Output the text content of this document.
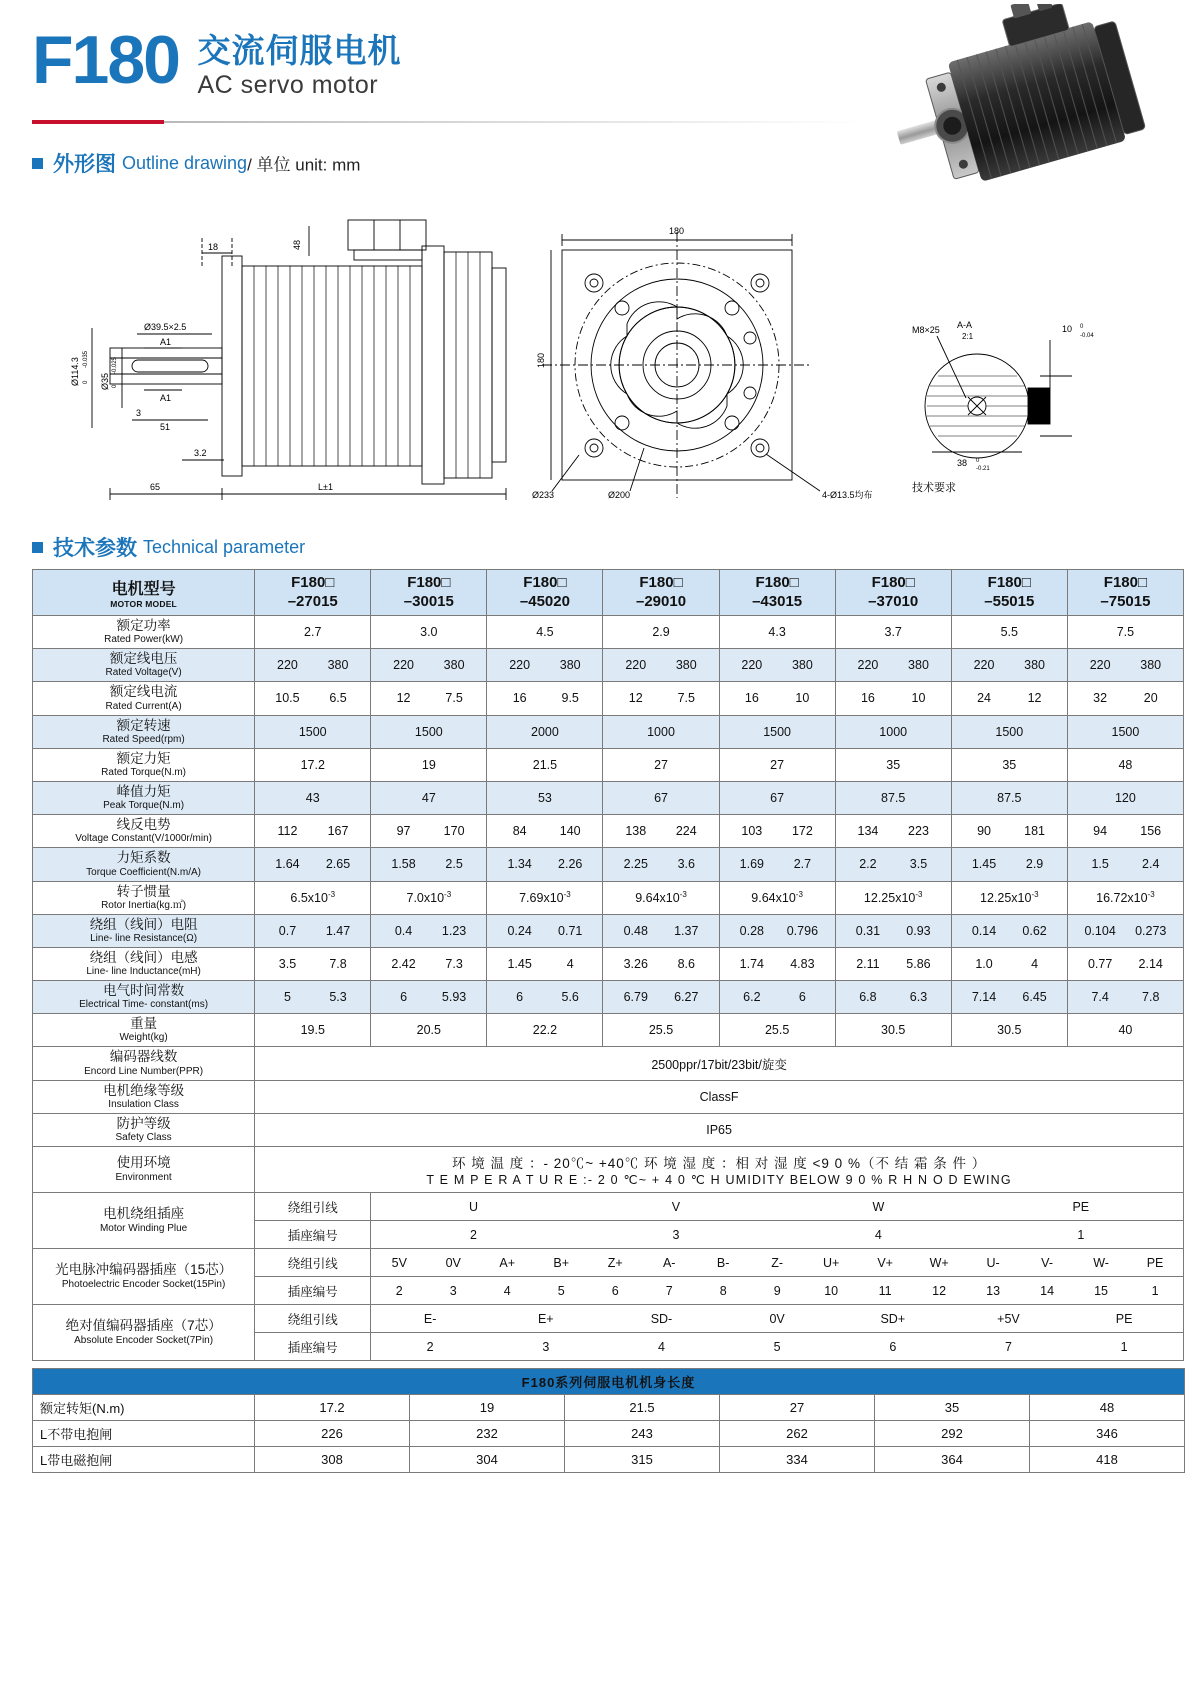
F180 交流伺服电机
AC servo motor
外形图 Outline drawing/ 单位 unit: mm
18	48
Ø39.5×2.5
A1
A1
Ø114.3 -0.035
0 Ø35
-0.025
0
3
51
3.2
65	L±1
180
180
Ø233	Ø200	4-Ø13.5均布
A-A
2:1
M8×25	10 0
-0.04
38 0
-0.21
技术要求
技术参数 Technical parameter
电机型号
MOTOR MODEL

F180□
–27015

F180□
–30015

F180□
–45020

F180□
–29010

F180□
–43015

F180□
–37010

F180□
–55015

F180□
–75015

额定功率
Rated Power(kW)	2.7	3.0	4.5	2.9	4.3	3.7	5.5	7.5

额定线电压
Rated Voltage(V)	220 380	220 380	220 380	220 380	220 380	220 380	220 380	220 380

额定线电流
Rated Current(A)	10.5 6.5	12 7.5	16 9.5	12 7.5	16 10	16 10	24 12	32 20

额定转速
Rated Speed(rpm)	1500	1500	2000	1000	1500	1000	1500	1500

额定力矩
Rated Torque(N.m)	17.2	19	21.5	27	27	35	35	48

峰值力矩
Peak Torque(N.m)	43	47	53	67	67	87.5	87.5	120

线反电势
Voltage Constant(V/1000r/min)	112 167	97 170	84 140	138 224	103 172	134 223	90 181	94 156

力矩系数
Torque Coefficient(N.m/A)	1.64 2.65	1.58 2.5	1.34 2.26	2.25 3.6	1.69 2.7	2.2 3.5	1.45 2.9	1.5 2.4

转子惯量
Rotor Inertia(kg.㎡)	$6.5x10^{-3}$	$7.0x10^{-3}$	$7.69x10^{-3}$	$9.64x10^{-3}$	$9.64x10^{-3}$	$12.25x10^{-3}$	$12.25x10^{-3}$	$16.72x10^{-3}$

绕组（线间）电阻
Line- line Resistance(Ω)	0.7 1.47	0.4 1.23	0.24 0.71	0.48 1.37	0.28 0.796	0.31 0.93	0.14 0.62	0.104 0.273

绕组（线间）电感
Line- line Inductance(mH)	3.5 7.8	2.42 7.3	1.45 4	3.26 8.6	1.74 4.83	2.11 5.86	1.0 4	0.77 2.14

电气时间常数
Electrical Time- constant(ms)	5 5.3	6 5.93	6 5.6	6.79 6.27	6.2 6	6.8 6.3	7.14 6.45	7.4 7.8

重量
Weight(kg)	19.5	20.5	22.2	25.5	25.5	30.5	30.5	40

编码器线数
Encord Line Number(PPR)	2500ppr/17bit/23bit/旋变							

电机绝缘等级
Insulation Class	ClassF							

防护等级
Safety Class	IP65							

使用环境
Environment

环 境 温 度 ：- 20℃~ +40℃ 环 境 湿 度 ：相 对 湿 度 <9 0 %（不 结 霜 条 件 ）
T E M P E R A T U R E :- 2 0 ℃~ + 4 0 ℃ H UMIDITY BELOW 9 0 % R H N O D EWING

电机绕组插座
Motor Winding Plue	绕组引线	U V W PE						

	插座编号	2 3 4 1						

光电脉冲编码器插座（15芯）
Photoelectric Encoder Socket(15Pin)
	绕组引线	5V	0V	A+	B+	Z+	A-	B-	Z-	U+	V+	W+	U-	V-	W-	PE

插座编号	2	3	4	5	6	7	8	9	10	11	12	13	14	15	1

绝对值编码器插座（7芯）
Absolute Encoder Socket(7Pin)
	绕组引线	E-	E+	SD-	0V	SD+	+5V	PE

插座编号	2	3	4	5	6	7	1
F180系列伺服电机机身长度						
额定转矩(N.m)	17.2	19	21.5	27	35	48
L不带电抱闸	226	232	243	262	292	346
L带电磁抱闸	308	304	315	334	364	418
